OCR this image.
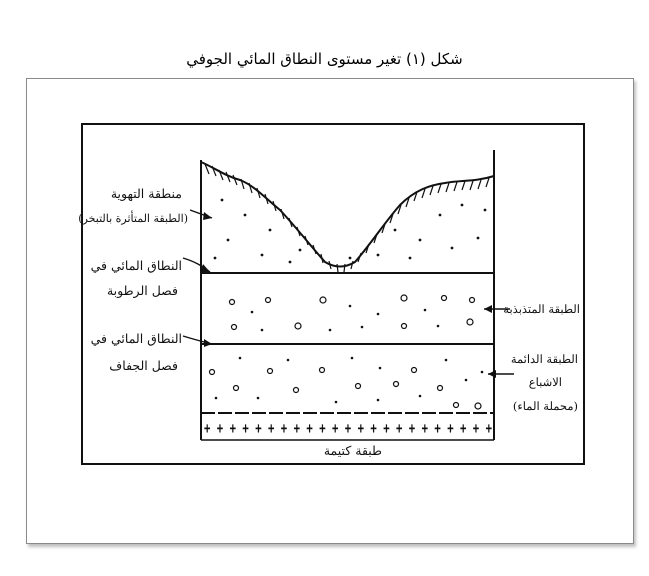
شكل (١) تغير مستوى النطاق المائي الجوفي
+ + + + + + + + + + + + + + + + + + + + + + +
منطقة التهوية
(الطبقة المتأثرة بالتبخر)
النطاق المائي في
فصل الرطوبة
النطاق المائي في
فصل الجفاف
الطبقة المتذبذبة
الطبقة الدائمة
الاشباع
(محملة الماء)
طبقة كتيمة
